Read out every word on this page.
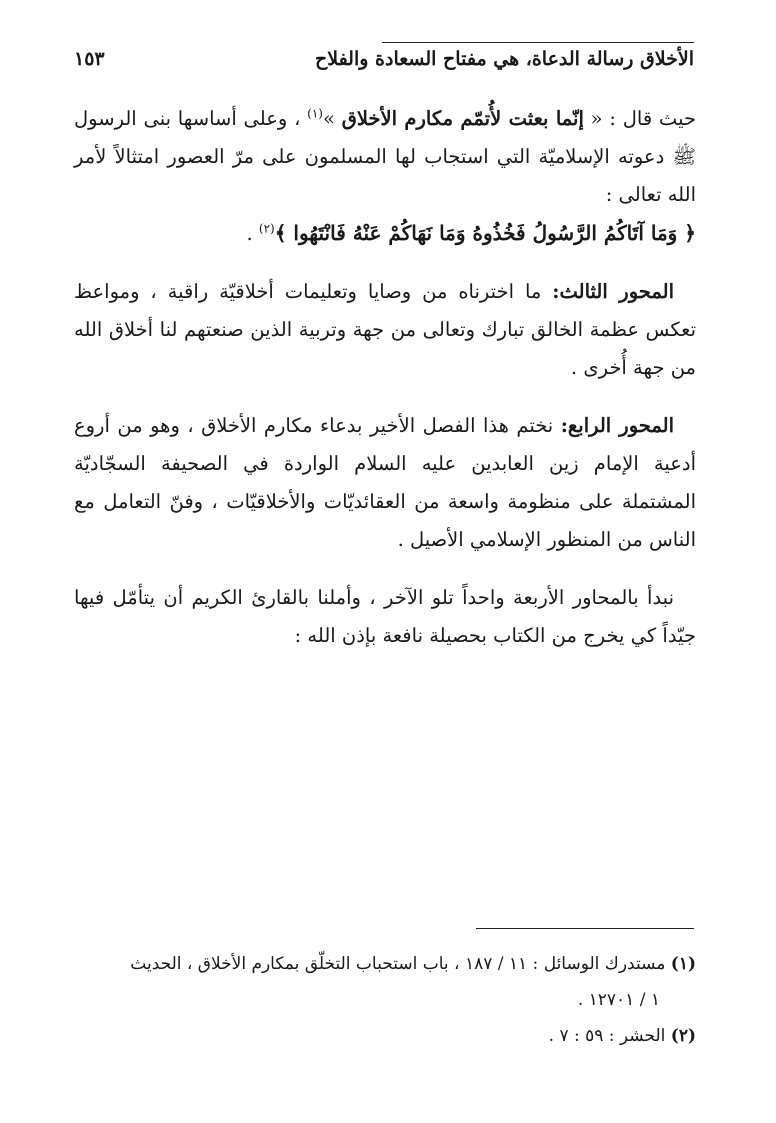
الأخلاق رسالة الدعاة، هي مفتاح السعادة والفلاح
١٥٣

حيث قال : « إنّما بعثت لأُتمّم مكارم الأخلاق »$^{(١)}$ ، وعلى أساسها بنى الرسول ﷺ دعوته الإسلاميّة التي استجاب لها المسلمون على مرّ العصور امتثالاً لأمر الله تعالى :
﴿ وَمَا آتَاكُمُ الرَّسُولُ فَخُذُوهُ وَمَا نَهَاكُمْ عَنْهُ فَانْتَهُوا ﴾$^{(٢)}$ .

المحور الثالث: ما اخترناه من وصايا وتعليمات أخلاقيّة راقية ، ومواعظ تعكس عظمة الخالق تبارك وتعالى من جهة وتربية الذين صنعتهم لنا أخلاق الله من جهة أُخرى .

المحور الرابع: نختم هذا الفصل الأخير بدعاء مكارم الأخلاق ، وهو من أروع أدعية الإمام زين العابدين عليه السلام الواردة في الصحيفة السجّاديّة المشتملة على منظومة واسعة من العقائديّات والأخلاقيّات ، وفنّ التعامل مع الناس من المنظور الإسلامي الأصيل .

نبدأ بالمحاور الأربعة واحداً تلو الآخر ، وأملنا بالقارئ الكريم أن يتأمّل فيها جيّداً كي يخرج من الكتاب بحصيلة نافعة بإذن الله :

(١) مستدرك الوسائل : ١١ / ١٨٧ ، باب استحباب التخلّق بمكارم الأخلاق ، الحديث

١ / ١٢٧٠١ .

(٢) الحشر : ٥٩ : ٧ .
